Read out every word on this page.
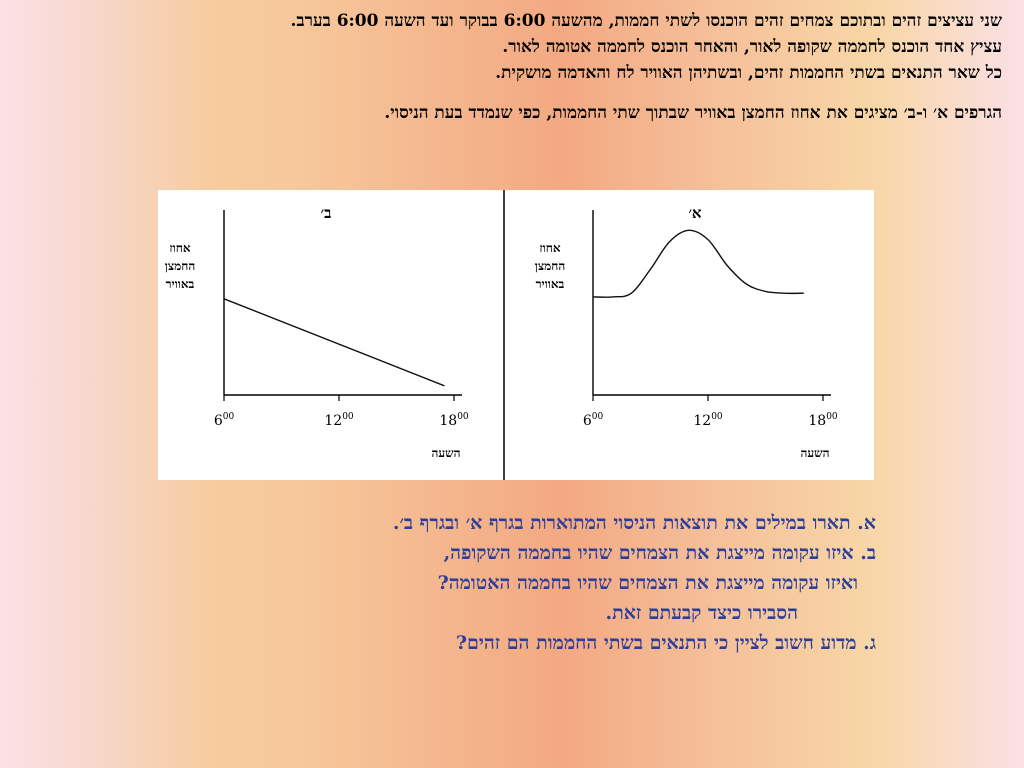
שני עציצים זהים ובתוכם צמחים זהים הוכנסו לשתי חממות, מהשעה 6:00 בבוקר ועד השעה 6:00 בערב.

עציץ אחד הוכנס לחממה שקופה לאור, והאחר הוכנס לחממה אטומה לאור.

כל שאר התנאים בשתי החממות זהים, ובשתיהן האוויר לח והאדמה מושקית.

הגרפים א׳ ו-ב׳ מציגים את אחוז החמצן באוויר שבתוך שתי החממות, כפי שנמדד בעת הניסוי.

ב׳
אחוז
החמצן
באוויר
$6^{00}$	$12^{00}$	$18^{00}$
השעה
א׳
אחוז
החמצן
באוויר
$6^{00}$	$12^{00}$	$18^{00}$
השעה
א. תארו במילים את תוצאות הניסוי המתוארות בגרף א׳ ובגרף ב׳.
ב. איזו עקומה מייצגת את הצמחים שהיו בחממה השקופה,
ואיזו עקומה מייצגת את הצמחים שהיו בחממה האטומה?
הסבירו כיצד קבעתם זאת.
ג. מדוע חשוב לציין כי התנאים בשתי החממות הם זהים?
